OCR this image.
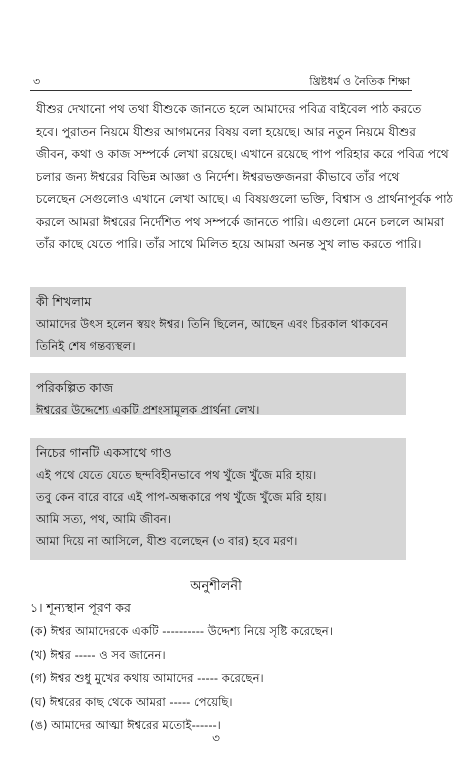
৩	খ্রিষ্টধর্ম ও নৈতিক শিক্ষা
যীশুর দেখানো পথ তথা যীশুকে জানতে হলে আমাদের পবিত্র বাইবেল পাঠ করতে
হবে। পুরাতন নিয়মে যীশুর আগমনের বিষয় বলা হয়েছে। আর নতুন নিয়মে যীশুর
জীবন, কথা ও কাজ সম্পর্কে লেখা রয়েছে। এখানে রয়েছে পাপ পরিহার করে পবিত্র পথে
চলার জন্য ঈশ্বরের বিভিন্ন আজ্ঞা ও নির্দেশ। ঈশ্বরভক্তজনরা কীভাবে তাঁর পথে
চলেছেন সেগুলোও এখানে লেখা আছে। এ বিষয়গুলো ভক্তি, বিশ্বাস ও প্রার্থনাপূর্বক পাঠ
করলে আমরা ঈশ্বরের নির্দেশিত পথ সম্পর্কে জানতে পারি। এগুলো মেনে চললে আমরা
তাঁর কাছে যেতে পারি। তাঁর সাথে মিলিত হয়ে আমরা অনন্ত সুখ লাভ করতে পারি।
কী শিখলাম
আমাদের উৎস হলেন স্বয়ং ঈশ্বর। তিনি ছিলেন, আছেন এবং চিরকাল থাকবেন
তিনিই শেষ গন্তব্যস্থল।
পরিকল্পিত কাজ
ঈশ্বরের উদ্দেশ্যে একটি প্রশংসামূলক প্রার্থনা লেখ।
নিচের গানটি একসাথে গাও
এই পথে যেতে যেতে ছন্দবিহীনভাবে পথ খুঁজে খুঁজে মরি হায়।
তবু কেন বারে বারে এই পাপ-অন্ধকারে পথ খুঁজে খুঁজে মরি হায়।
আমি সত্য, পথ, আমি জীবন।
আমা দিয়ে না আসিলে, যীশু বলেছেন (৩ বার) হবে মরণ।
অনুশীলনী
১। শূন্যস্থান পূরণ কর
(ক) ঈশ্বর আমাদেরকে একটি ---------- উদ্দেশ্য নিয়ে সৃষ্টি করেছেন।
(খ) ঈশ্বর ----- ও সব জানেন।
(গ) ঈশ্বর শুধু মুখের কথায় আমাদের ----- করেছেন।
(ঘ) ঈশ্বরের কাছ থেকে আমরা ----- পেয়েছি।
(ঙ) আমাদের আত্মা ঈশ্বরের মতোই------।
৩
